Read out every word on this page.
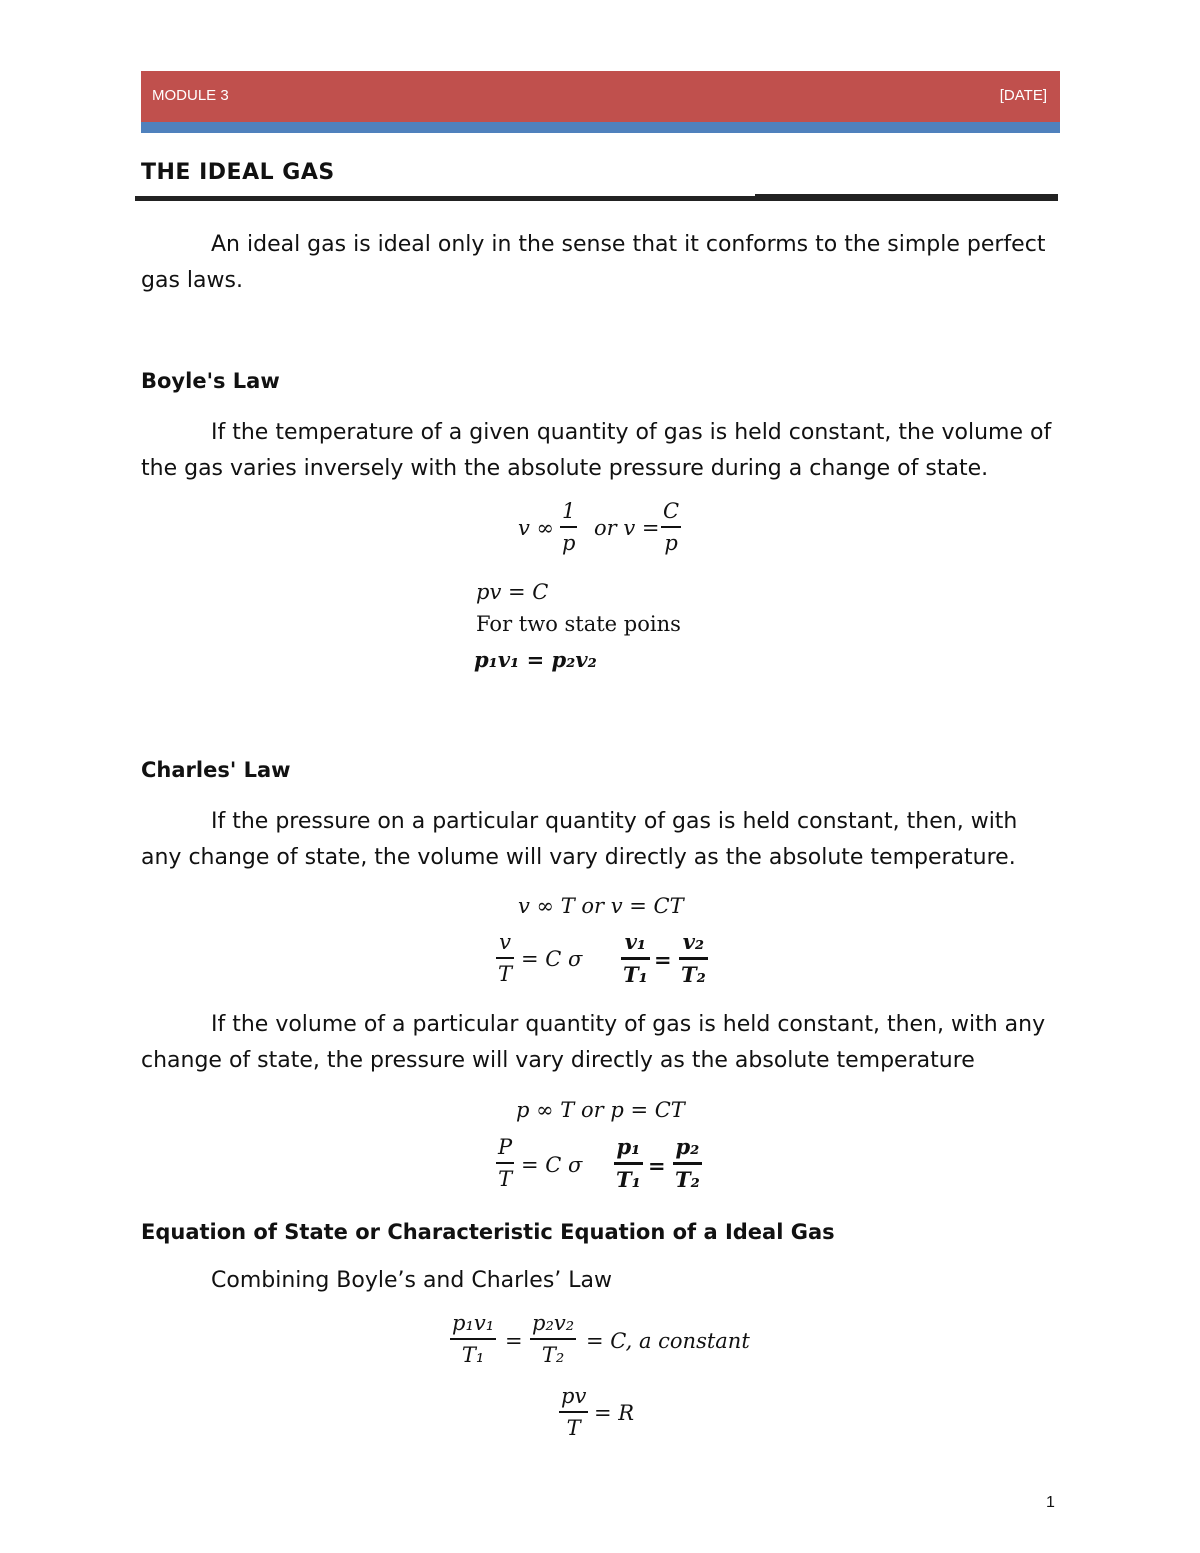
MODULE 3	[DATE]
THE IDEAL GAS
An ideal gas is ideal only in the sense that it conforms to the simple perfect gas laws.
Boyle's Law
If the temperature of a given quantity of gas is held constant, the volume of the gas varies inversely with the absolute pressure during a change of state.
v ∞
1
p
or v =
C
p
pv = C
For two state poins
p₁v₁ = p₂v₂
Charles' Law
If the pressure on a particular quantity of gas is held constant, then, with any change of state, the volume will vary directly as the absolute temperature.
v ∞ T or v = CT
v
T
= C σ
v₁
T₁
=
v₂
T₂
If the volume of a particular quantity of gas is held constant, then, with any change of state, the pressure will vary directly as the absolute temperature
p ∞ T or p = CT
P
T
= C σ
p₁
T₁
=
p₂
T₂
Equation of State or Characteristic Equation of a Ideal Gas
Combining Boyle’s and Charles’ Law
p₁v₁
T₁
=
p₂v₂
T₂
= C, a constant
pv
T
= R
1
